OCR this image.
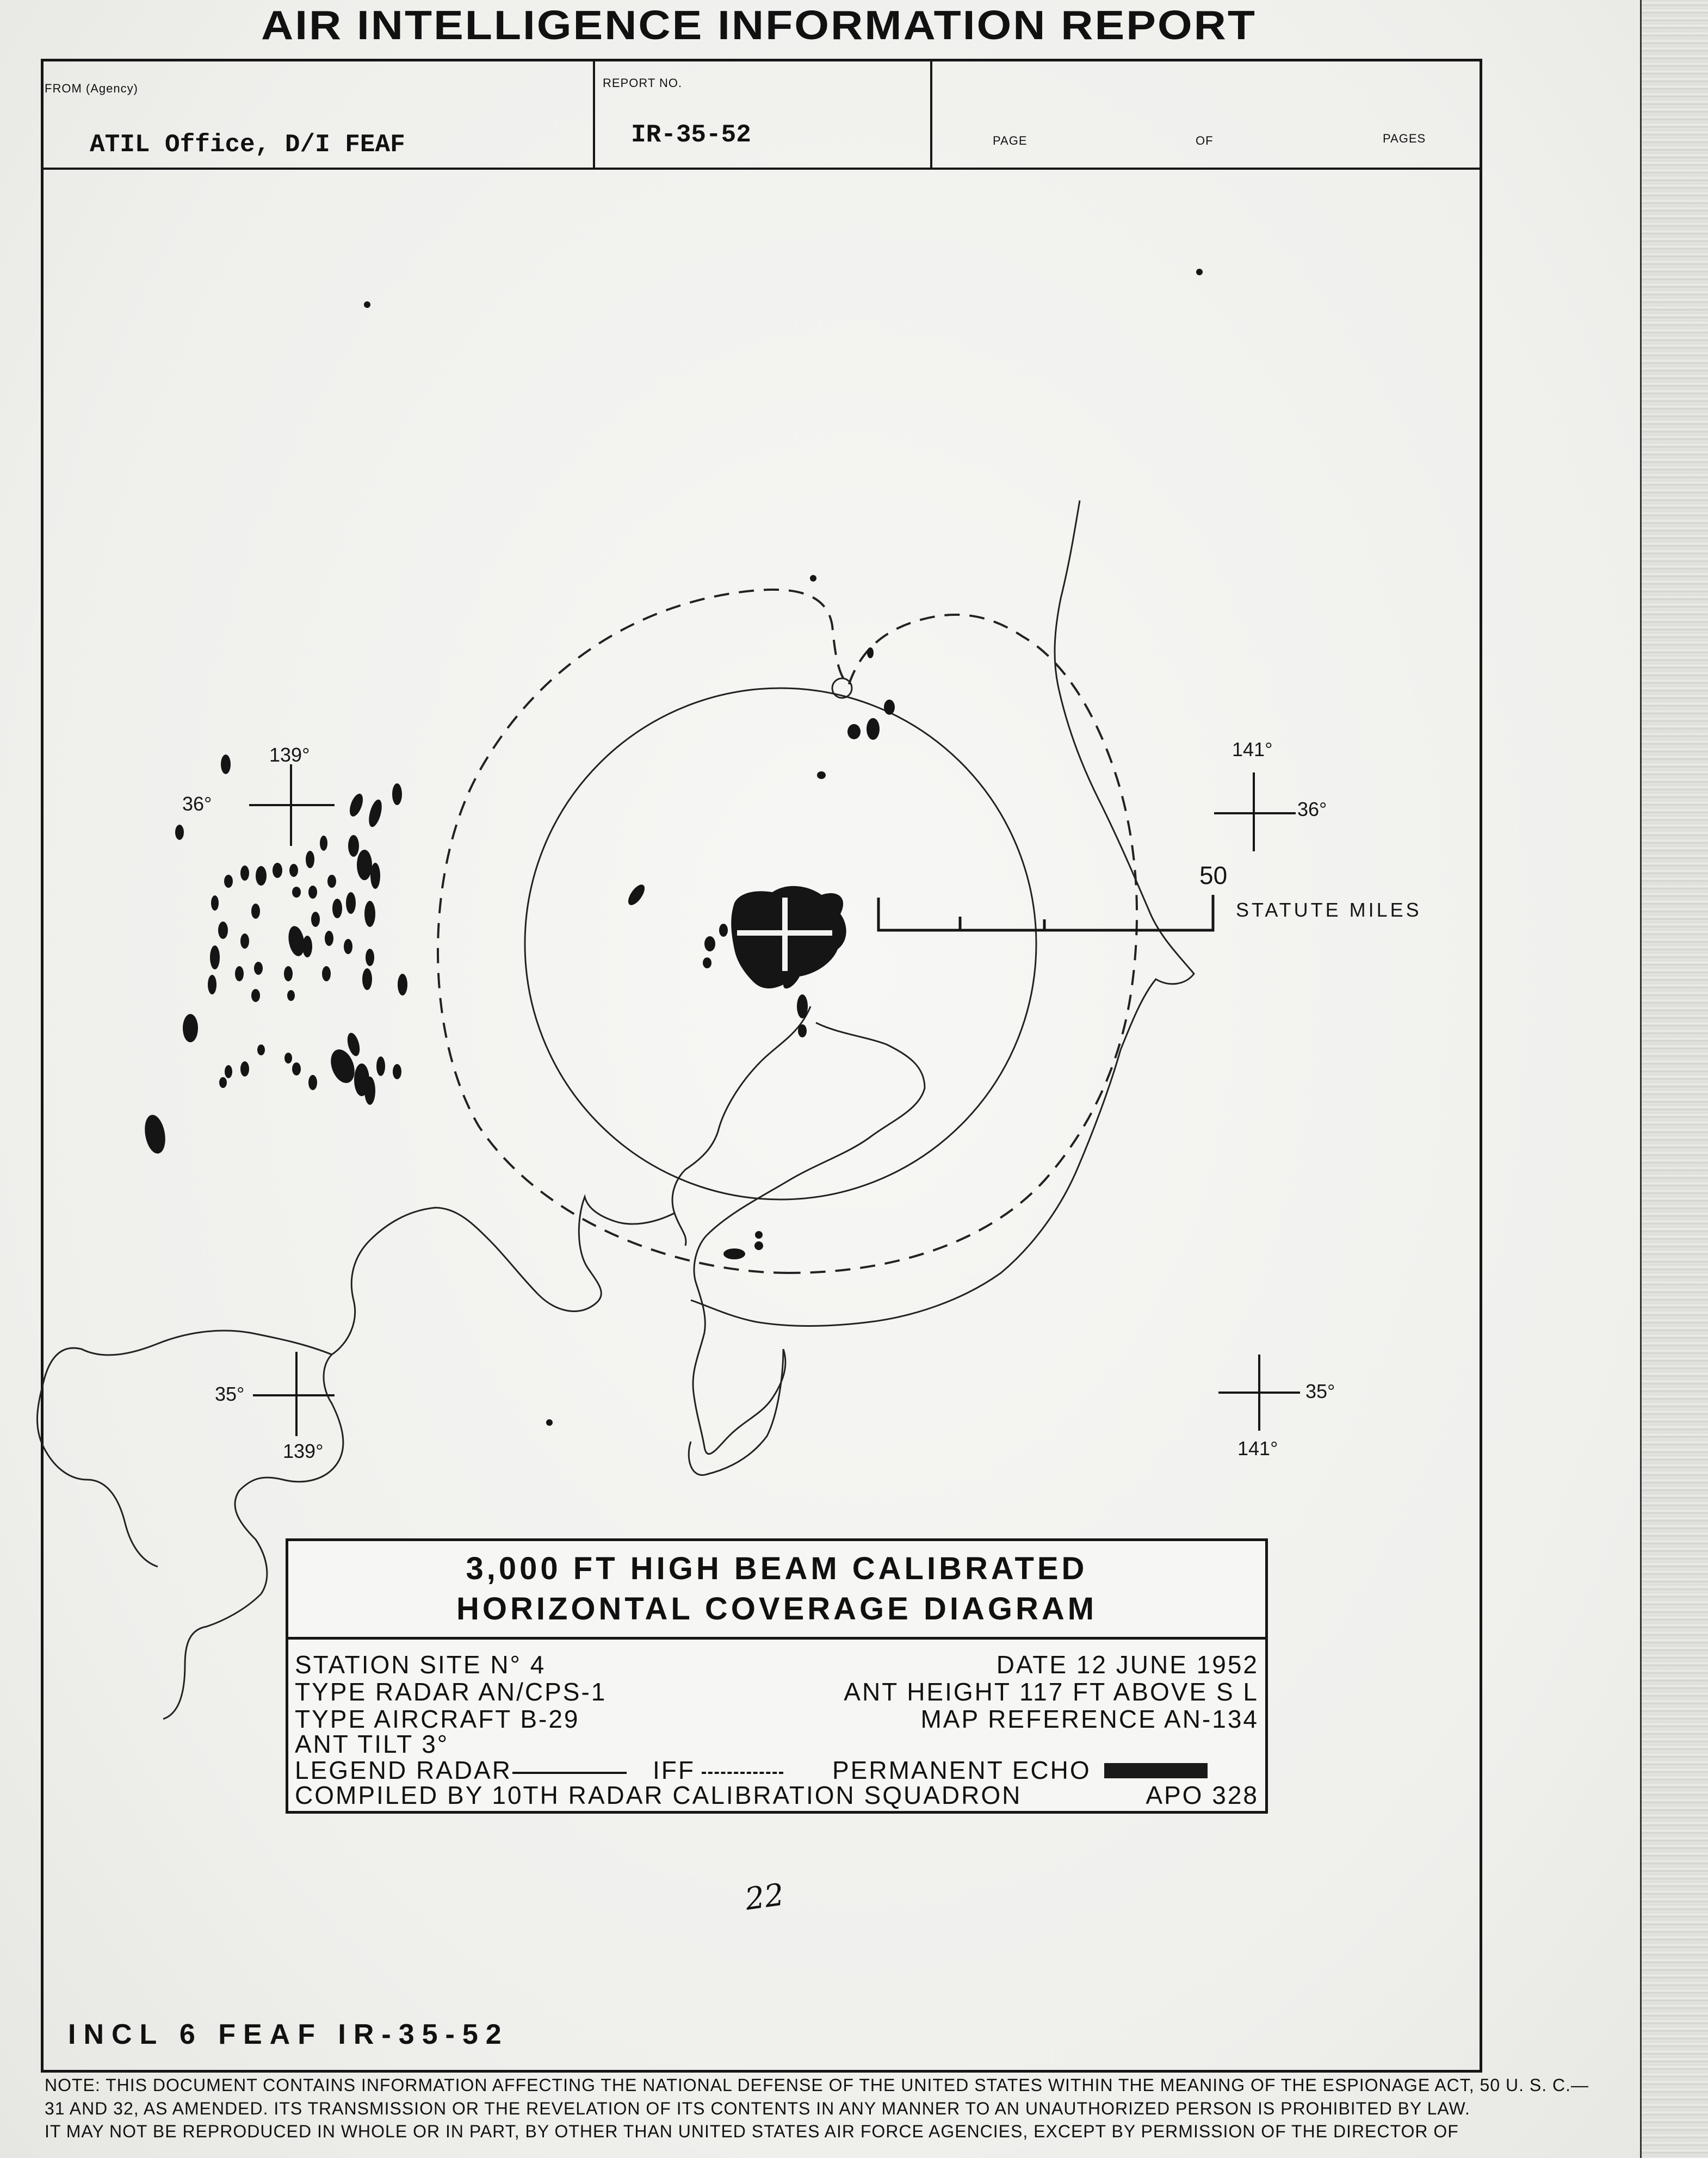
AIR INTELLIGENCE INFORMATION REPORT
FROM (Agency)
ATIL Office, D/I FEAF
REPORT NO.
IR-35-52	PAGE	OF	PAGES
139°
36°
141°
36°
35°
139°
35°
141°
50
STATUTE MILES
3,000 FT HIGH BEAM CALIBRATED
HORIZONTAL COVERAGE DIAGRAM
STATION SITE N° 4	DATE 12 JUNE 1952
TYPE RADAR AN/CPS-1	ANT HEIGHT 117 FT ABOVE S L
TYPE AIRCRAFT B-29	MAP REFERENCE AN-134
ANT TILT 3°
LEGEND RADAR	IFF	PERMANENT ECHO
COMPILED BY 10TH RADAR CALIBRATION SQUADRON	APO 328
22
INCL 6 FEAF IR-35-52
NOTE: THIS DOCUMENT CONTAINS INFORMATION AFFECTING THE NATIONAL DEFENSE OF THE UNITED STATES WITHIN THE MEANING OF THE ESPIONAGE ACT, 50 U. S. C.—
31 AND 32, AS AMENDED. ITS TRANSMISSION OR THE REVELATION OF ITS CONTENTS IN ANY MANNER TO AN UNAUTHORIZED PERSON IS PROHIBITED BY LAW.
IT MAY NOT BE REPRODUCED IN WHOLE OR IN PART, BY OTHER THAN UNITED STATES AIR FORCE AGENCIES, EXCEPT BY PERMISSION OF THE DIRECTOR OF
